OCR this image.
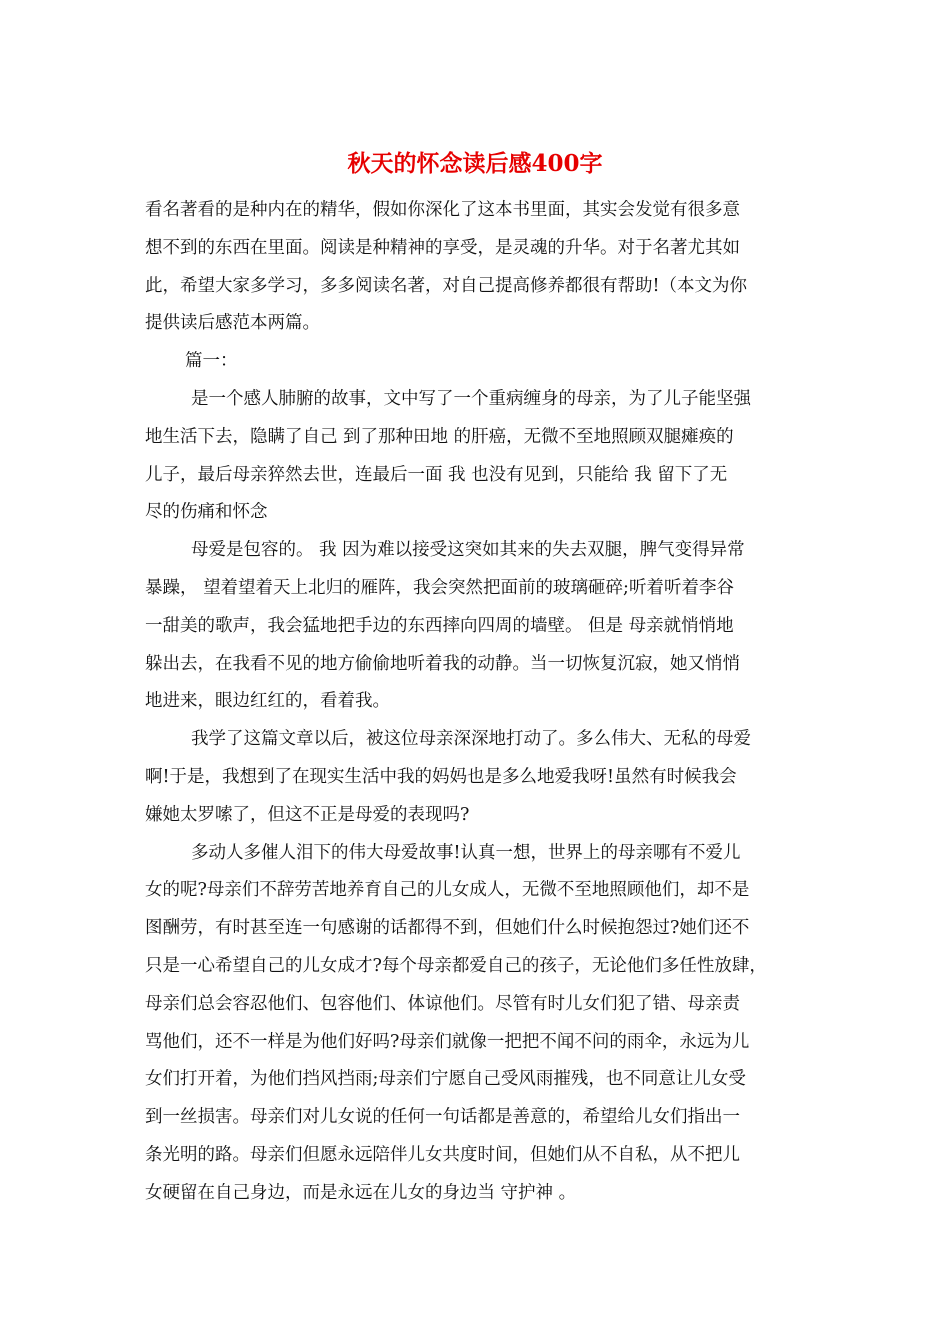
秋天的怀念读后感400字

看名著看的是种内在的精华，假如你深化了这本书里面，其实会发觉有很多意
想不到的东西在里面。阅读是种精神的享受，是灵魂的升华。对于名著尤其如
此，希望大家多学习，多多阅读名著，对自己提高修养都很有帮助!（本文为你
提供读后感范本两篇。

篇一：

是一个感人肺腑的故事，文中写了一个重病缠身的母亲，为了儿子能坚强
地生活下去，隐瞒了自己 到了那种田地 的肝癌，无微不至地照顾双腿瘫痪的
儿子，最后母亲猝然去世，连最后一面 我 也没有见到，只能给 我 留下了无
尽的伤痛和怀念

母爱是包容的。 我 因为难以接受这突如其来的失去双腿，脾气变得异常
暴躁， 望着望着天上北归的雁阵，我会突然把面前的玻璃砸碎;听着听着李谷
一甜美的歌声，我会猛地把手边的东西摔向四周的墙壁。 但是 母亲就悄悄地
躲出去，在我看不见的地方偷偷地听着我的动静。当一切恢复沉寂，她又悄悄
地进来，眼边红红的，看着我。

我学了这篇文章以后，被这位母亲深深地打动了。多么伟大、无私的母爱
啊!于是，我想到了在现实生活中我的妈妈也是多么地爱我呀!虽然有时候我会
嫌她太罗嗦了，但这不正是母爱的表现吗?

多动人多催人泪下的伟大母爱故事!认真一想，世界上的母亲哪有不爱儿
女的呢?母亲们不辞劳苦地养育自己的儿女成人，无微不至地照顾他们，却不是
图酬劳，有时甚至连一句感谢的话都得不到，但她们什么时候抱怨过?她们还不
只是一心希望自己的儿女成才?每个母亲都爱自己的孩子，无论他们多任性放肆，
母亲们总会容忍他们、包容他们、体谅他们。尽管有时儿女们犯了错、母亲责
骂他们，还不一样是为他们好吗?母亲们就像一把把不闻不问的雨伞，永远为儿
女们打开着，为他们挡风挡雨;母亲们宁愿自己受风雨摧残，也不同意让儿女受
到一丝损害。母亲们对儿女说的任何一句话都是善意的，希望给儿女们指出一
条光明的路。母亲们但愿永远陪伴儿女共度时间，但她们从不自私，从不把儿
女硬留在自己身边，而是永远在儿女的身边当 守护神 。
